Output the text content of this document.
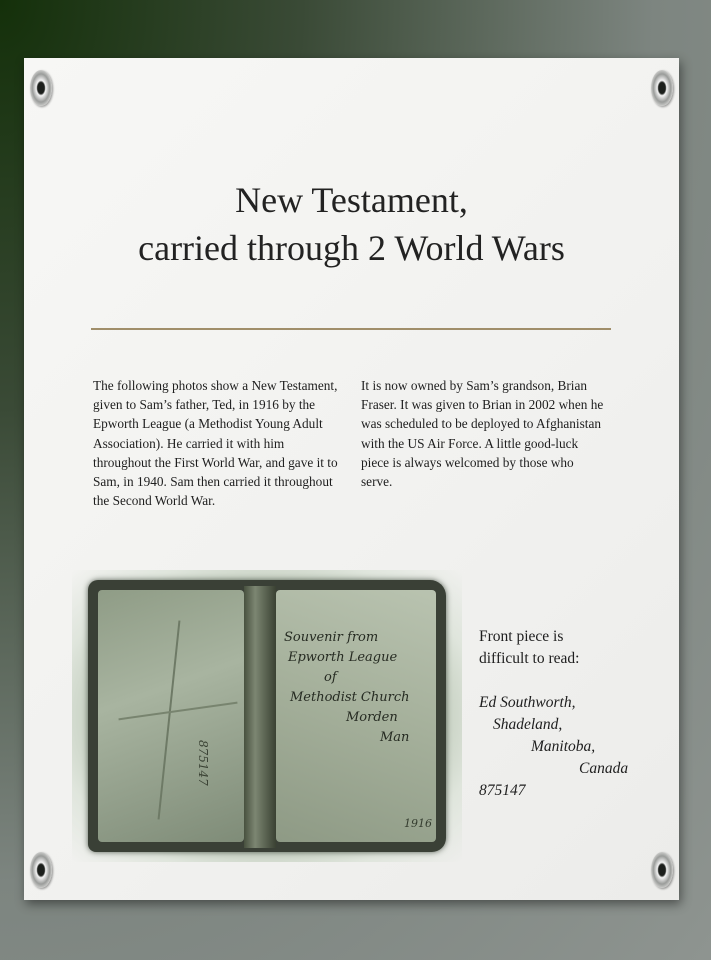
New Testament,
carried through 2 World Wars
The following photos show a New Testament, given to Sam’s father, Ted, in 1916 by the Epworth League (a Methodist Young Adult Association). He carried it with him throughout the First World War, and gave it to Sam, in 1940. Sam then carried it throughout the Second World War.
It is now owned by Sam’s grandson, Brian Fraser. It was given to Brian in 2002 when he was scheduled to be deployed to Afghanistan with the US Air Force. A little good-luck piece is always welcomed by those who serve.
875147
Souvenir from
Epworth League
of
Methodist Church
Morden
Man
1916
Front piece is
difficult to read:
Ed Southworth,
Shadeland,
Manitoba,
Canada
875147
